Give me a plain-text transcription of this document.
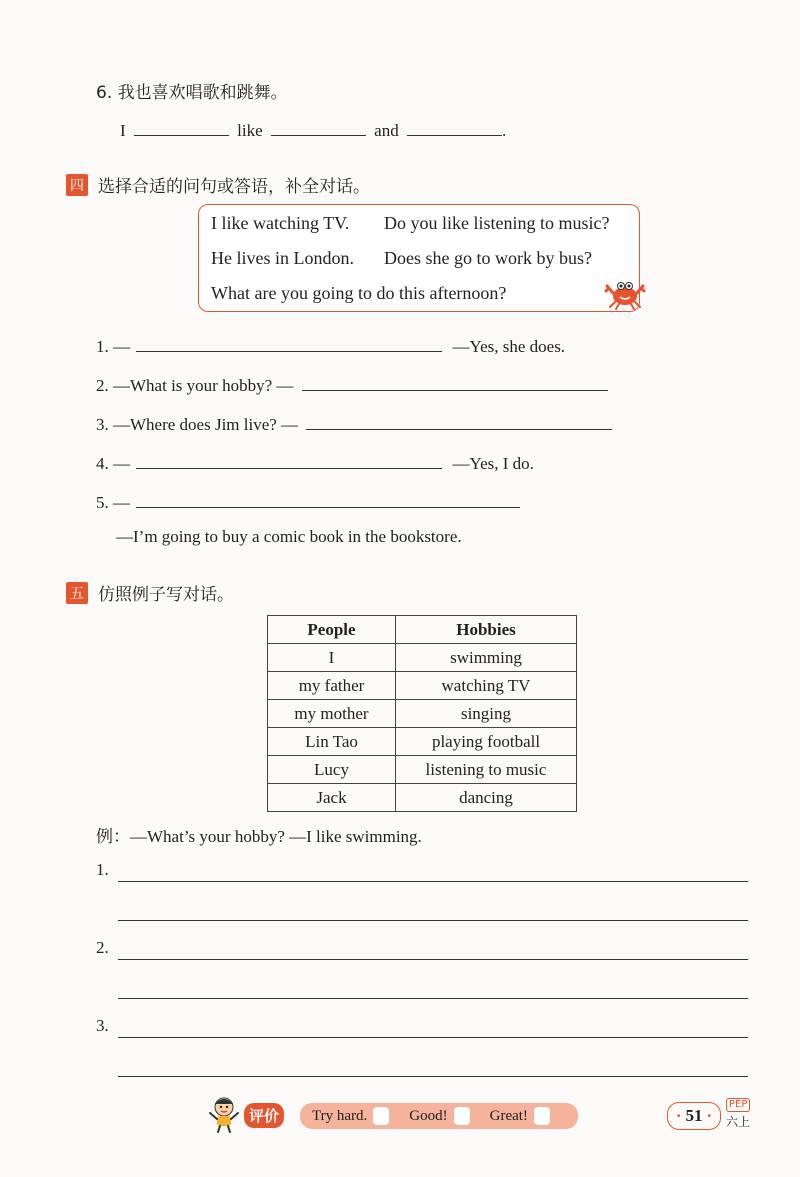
6. 我也喜欢唱歌和跳舞。
I	like	and	.
四 选择合适的问句或答语，补全对话。
I like watching TV. Do you like listening to music?
He lives in London. Does she go to work by bus?
What are you going to do this afternoon?
1. —	—Yes, she does.
2. —What is your hobby? —
3. —Where does Jim live? —
4. —	—Yes, I do.
5. —
—I’m going to buy a comic book in the bookstore.
五 仿照例子写对话。
People	Hobbies
I	swimming
my father	watching TV
my mother	singing
Lin Tao	playing football
Lucy	listening to music
Jack	dancing
例：—What’s your hobby? —I like swimming.
1.
2.
3.
评价	Try hard.	Good!	Great!	· 51 ·
PEP
六上
